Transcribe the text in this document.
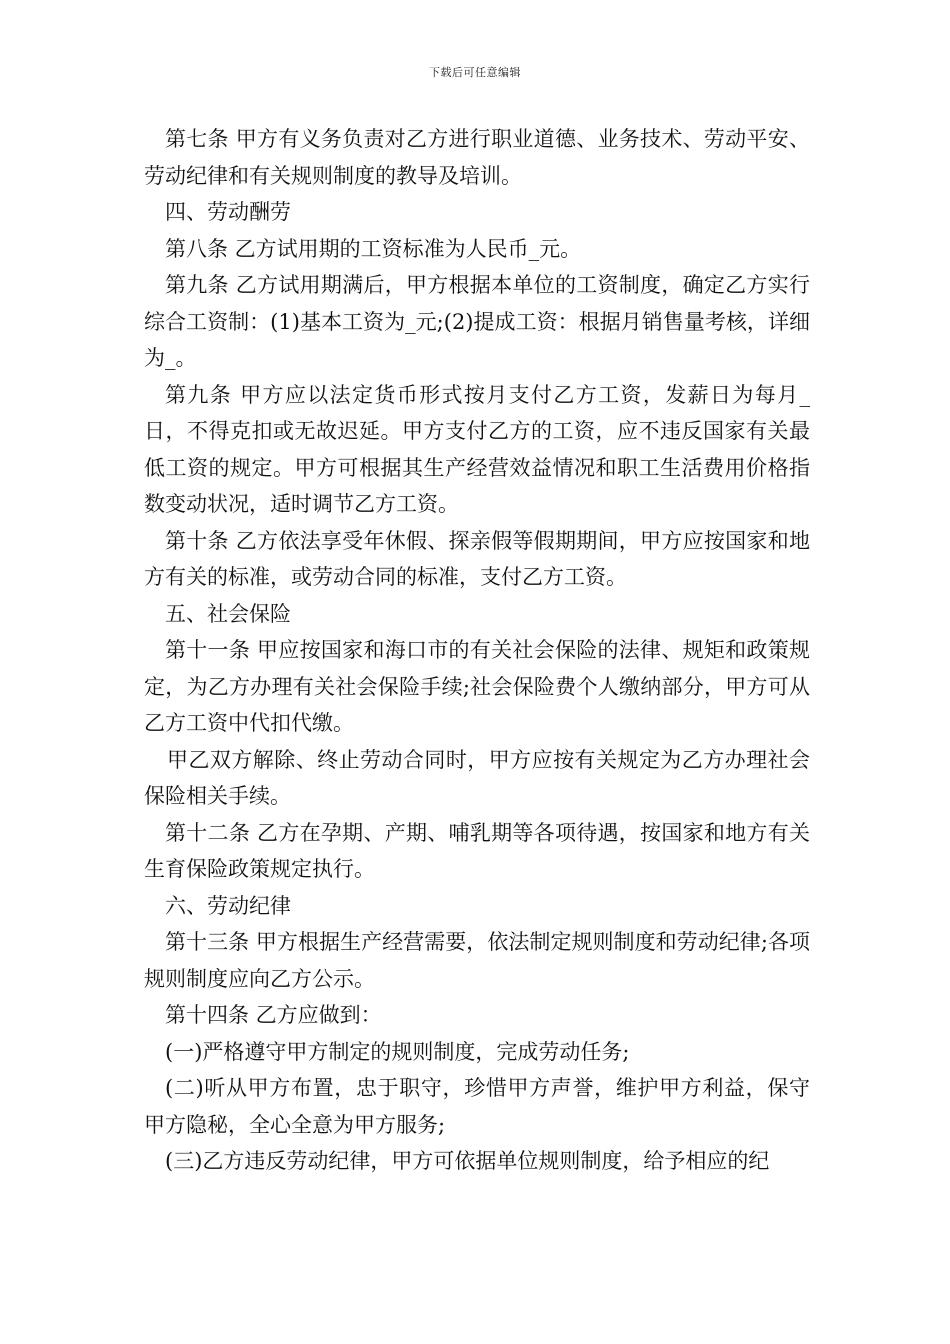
下载后可任意编辑

第七条 甲方有义务负责对乙方进行职业道德、业务技术、劳动平安、劳动纪律和有关规则制度的教导及培训。

四、劳动酬劳

第八条 乙方试用期的工资标准为人民币_元。

第九条 乙方试用期满后，甲方根据本单位的工资制度，确定乙方实行综合工资制：(1)基本工资为_元;(2)提成工资：根据月销售量考核，详细为_。

第九条 甲方应以法定货币形式按月支付乙方工资，发薪日为每月_日，不得克扣或无故迟延。甲方支付乙方的工资，应不违反国家有关最低工资的规定。甲方可根据其生产经营效益情况和职工生活费用价格指数变动状况，适时调节乙方工资。

第十条 乙方依法享受年休假、探亲假等假期期间，甲方应按国家和地方有关的标准，或劳动合同的标准，支付乙方工资。

五、社会保险

第十一条 甲应按国家和海口市的有关社会保险的法律、规矩和政策规定，为乙方办理有关社会保险手续;社会保险费个人缴纳部分，甲方可从乙方工资中代扣代缴。

甲乙双方解除、终止劳动合同时，甲方应按有关规定为乙方办理社会保险相关手续。

第十二条 乙方在孕期、产期、哺乳期等各项待遇，按国家和地方有关生育保险政策规定执行。

六、劳动纪律

第十三条 甲方根据生产经营需要，依法制定规则制度和劳动纪律;各项规则制度应向乙方公示。

第十四条 乙方应做到：

(一)严格遵守甲方制定的规则制度，完成劳动任务;

(二)听从甲方布置，忠于职守，珍惜甲方声誉，维护甲方利益，保守甲方隐秘，全心全意为甲方服务;

(三)乙方违反劳动纪律，甲方可依据单位规则制度，给予相应的纪
